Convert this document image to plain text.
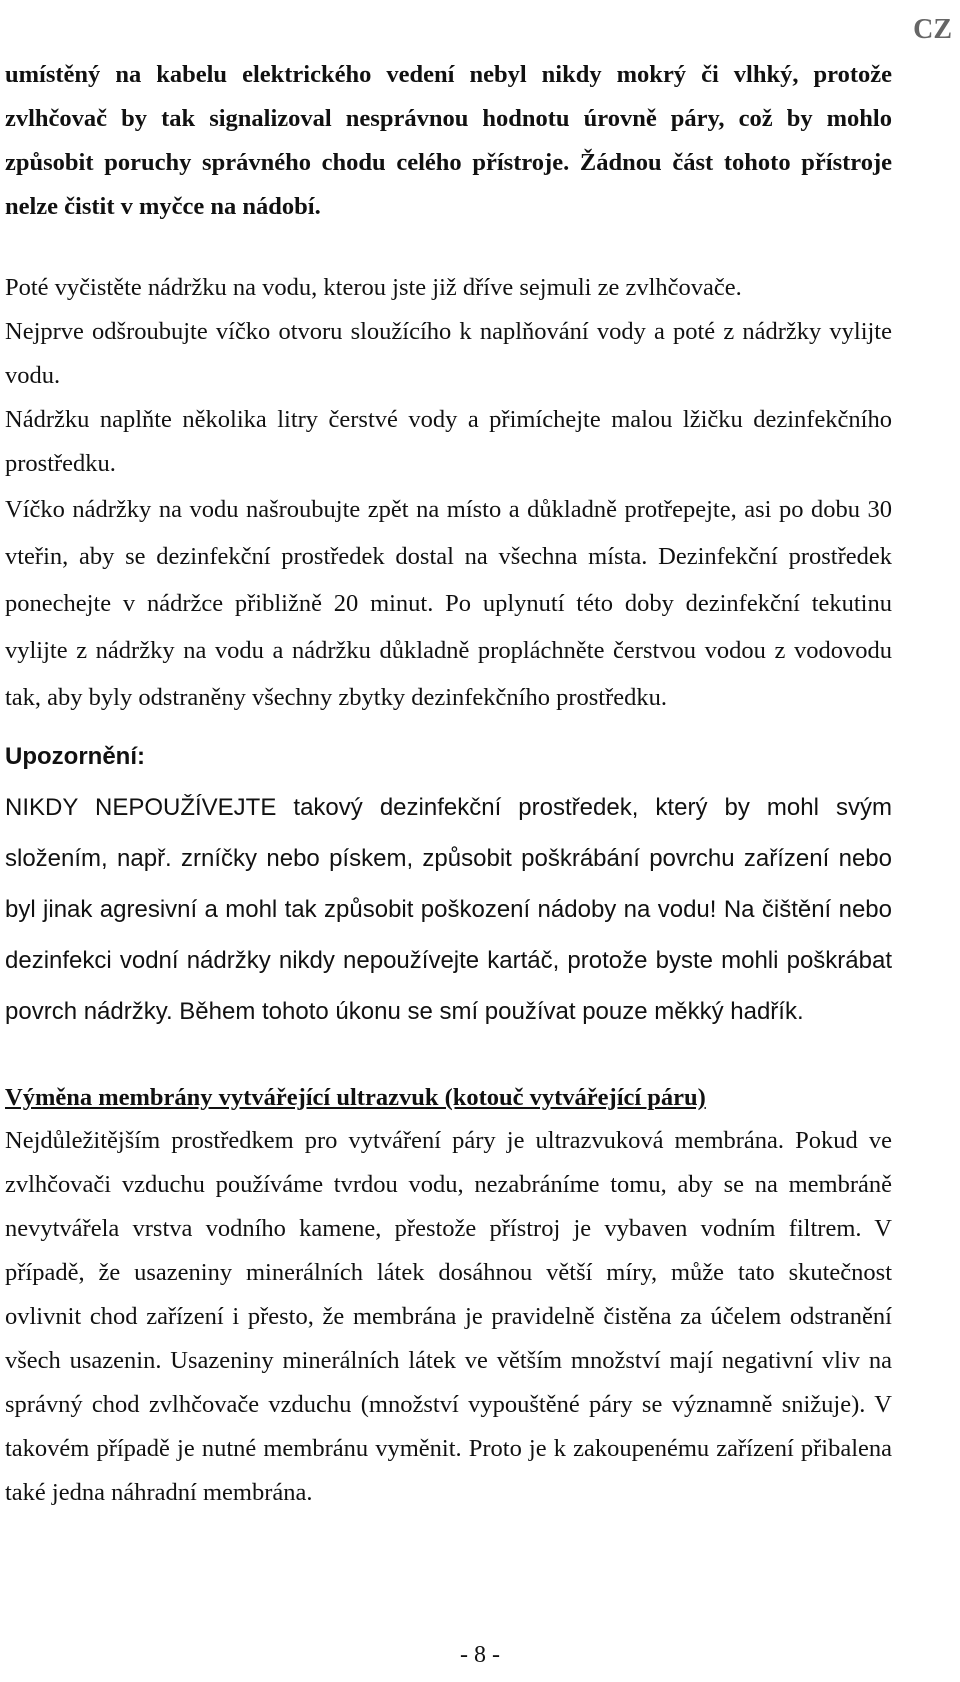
CZ

umístěný na kabelu elektrického vedení nebyl nikdy mokrý či vlhký, protože zvlhčovač by tak signalizoval nesprávnou hodnotu úrovně páry, což by mohlo způsobit poruchy správného chodu celého přístroje. Žádnou část tohoto přístroje nelze čistit v myčce na nádobí.

Poté vyčistěte nádržku na vodu, kterou jste již dříve sejmuli ze zvlhčovače.

Nejprve odšroubujte víčko otvoru sloužícího k naplňování vody a poté z nádržky vylijte vodu.

Nádržku naplňte několika litry čerstvé vody a přimíchejte malou lžičku dezinfekčního prostředku.

Víčko nádržky na vodu našroubujte zpět na místo a důkladně protřepejte, asi po dobu 30 vteřin, aby se dezinfekční prostředek dostal na všechna místa. Dezinfekční prostředek ponechejte v nádržce přibližně 20 minut. Po uplynutí této doby dezinfekční tekutinu vylijte z nádržky na vodu a nádržku důkladně propláchněte čerstvou vodou z vodovodu tak, aby byly odstraněny všechny zbytky dezinfekčního prostředku.

Upozornění:
NIKDY NEPOUŽÍVEJTE takový dezinfekční prostředek, který by mohl svým složením, např. zrníčky nebo pískem, způsobit poškrábání povrchu zařízení nebo byl jinak agresivní a mohl tak způsobit poškození nádoby na vodu! Na čištění nebo dezinfekci vodní nádržky nikdy nepoužívejte kartáč, protože byste mohli poškrábat povrch nádržky. Během tohoto úkonu se smí používat pouze měkký hadřík.
Výměna membrány vytvářející ultrazvuk (kotouč vytvářející páru)

Nejdůležitějším prostředkem pro vytváření páry je ultrazvuková membrána. Pokud ve zvlhčovači vzduchu používáme tvrdou vodu, nezabráníme tomu, aby se na membráně nevytvářela vrstva vodního kamene, přestože přístroj je vybaven vodním filtrem. V případě, že usazeniny minerálních látek dosáhnou větší míry, může tato skutečnost ovlivnit chod zařízení i přesto, že membrána je pravidelně čistěna za účelem odstranění všech usazenin. Usazeniny minerálních látek ve větším množství mají negativní vliv na správný chod zvlhčovače vzduchu (množství vypouštěné páry se významně snižuje). V takovém případě je nutné membránu vyměnit. Proto je k zakoupenému zařízení přibalena také jedna náhradní membrána.

- 8 -
